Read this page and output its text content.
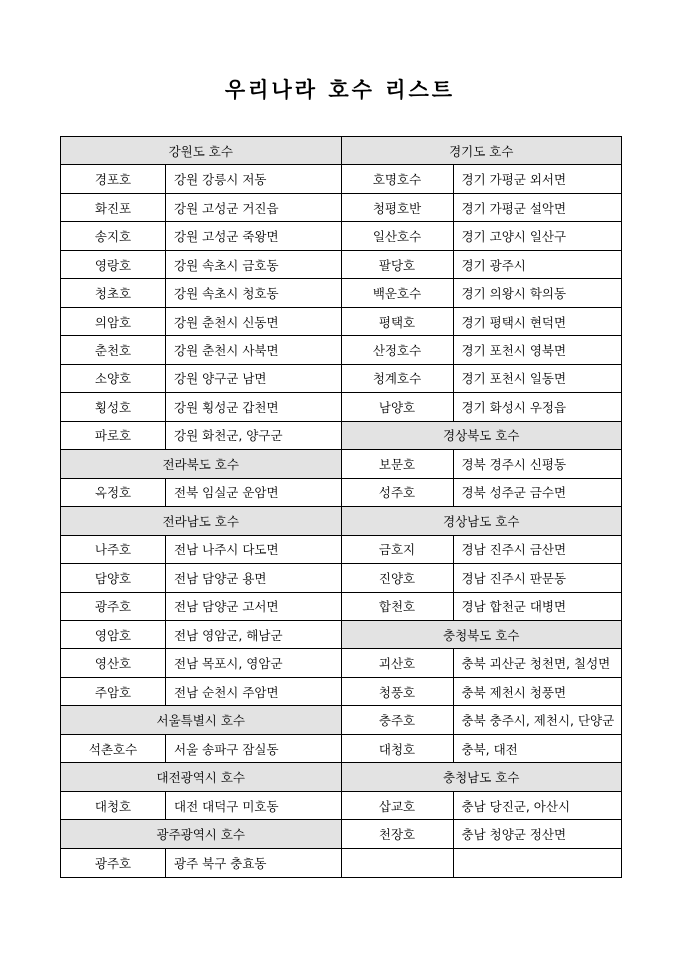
우리나라 호수 리스트
강원도 호수
경포호	강원 강릉시 저동
화진포	강원 고성군 거진읍
송지호	강원 고성군 죽왕면
영랑호	강원 속초시 금호동
청초호	강원 속초시 청호동
의암호	강원 춘천시 신동면
춘천호	강원 춘천시 사북면
소양호	강원 양구군 남면
횡성호	강원 횡성군 갑천면
파로호	강원 화천군, 양구군
전라북도 호수
옥정호	전북 임실군 운암면
전라남도 호수
나주호	전남 나주시 다도면
담양호	전남 담양군 용면
광주호	전남 담양군 고서면
영암호	전남 영암군, 해남군
영산호	전남 목포시, 영암군
주암호	전남 순천시 주암면
서울특별시 호수
석촌호수	서울 송파구 잠실동
대전광역시 호수
대청호	대전 대덕구 미호동
광주광역시 호수
광주호	광주 북구 충효동
경기도 호수
호명호수	경기 가평군 외서면
청평호반	경기 가평군 설악면
일산호수	경기 고양시 일산구
팔당호	경기 광주시
백운호수	경기 의왕시 학의동
평택호	경기 평택시 현덕면
산정호수	경기 포천시 영북면
청계호수	경기 포천시 일동면
남양호	경기 화성시 우정읍
경상북도 호수
보문호	경북 경주시 신평동
성주호	경북 성주군 금수면
경상남도 호수
금호지	경남 진주시 금산면
진양호	경남 진주시 판문동
합천호	경남 합천군 대병면
충청북도 호수
괴산호	충북 괴산군 청천면, 칠성면
청풍호	충북 제천시 청풍면
충주호	충북 충주시, 제천시, 단양군
대청호	충북, 대전
충청남도 호수
삽교호	충남 당진군, 아산시
천장호	충남 청양군 정산면
